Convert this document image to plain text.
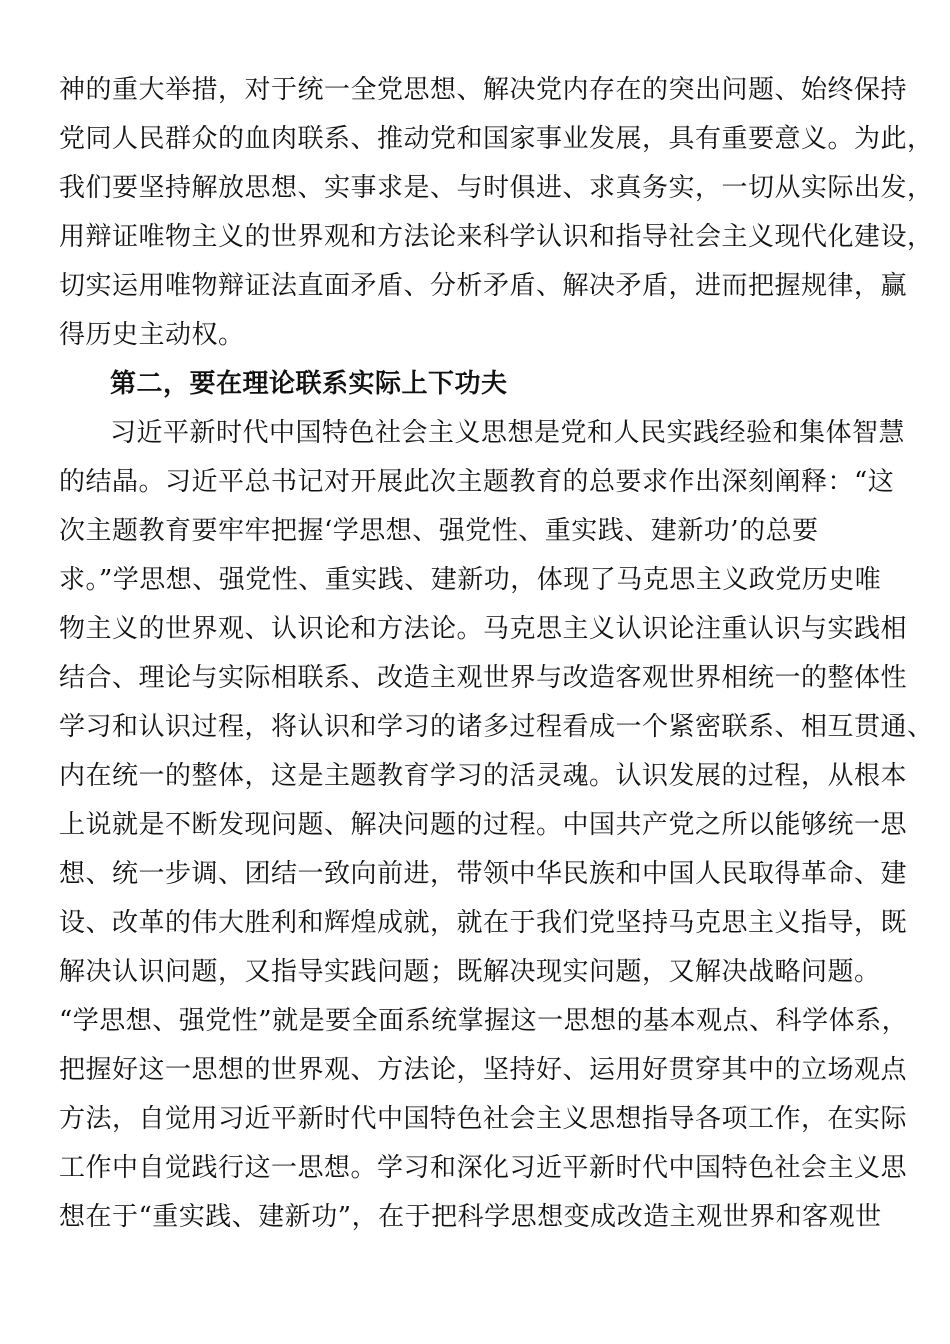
神的重大举措，对于统一全党思想、解决党内存在的突出问题、始终保持

党同人民群众的血肉联系、推动党和国家事业发展，具有重要意义。为此，

我们要坚持解放思想、实事求是、与时俱进、求真务实，一切从实际出发，

用辩证唯物主义的世界观和方法论来科学认识和指导社会主义现代化建设，

切实运用唯物辩证法直面矛盾、分析矛盾、解决矛盾，进而把握规律，赢

得历史主动权。

第二，要在理论联系实际上下功夫

习近平新时代中国特色社会主义思想是党和人民实践经验和集体智慧

的结晶。习近平总书记对开展此次主题教育的总要求作出深刻阐释：“这

次主题教育要牢牢把握‘学思想、强党性、重实践、建新功’的总要

求。”学思想、强党性、重实践、建新功，体现了马克思主义政党历史唯

物主义的世界观、认识论和方法论。马克思主义认识论注重认识与实践相

结合、理论与实际相联系、改造主观世界与改造客观世界相统一的整体性

学习和认识过程，将认识和学习的诸多过程看成一个紧密联系、相互贯通、

内在统一的整体，这是主题教育学习的活灵魂。认识发展的过程，从根本

上说就是不断发现问题、解决问题的过程。中国共产党之所以能够统一思

想、统一步调、团结一致向前进，带领中华民族和中国人民取得革命、建

设、改革的伟大胜利和辉煌成就，就在于我们党坚持马克思主义指导，既

解决认识问题，又指导实践问题；既解决现实问题，又解决战略问题。

“学思想、强党性”就是要全面系统掌握这一思想的基本观点、科学体系，

把握好这一思想的世界观、方法论，坚持好、运用好贯穿其中的立场观点

方法，自觉用习近平新时代中国特色社会主义思想指导各项工作，在实际

工作中自觉践行这一思想。学习和深化习近平新时代中国特色社会主义思

想在于“重实践、建新功”，在于把科学思想变成改造主观世界和客观世
